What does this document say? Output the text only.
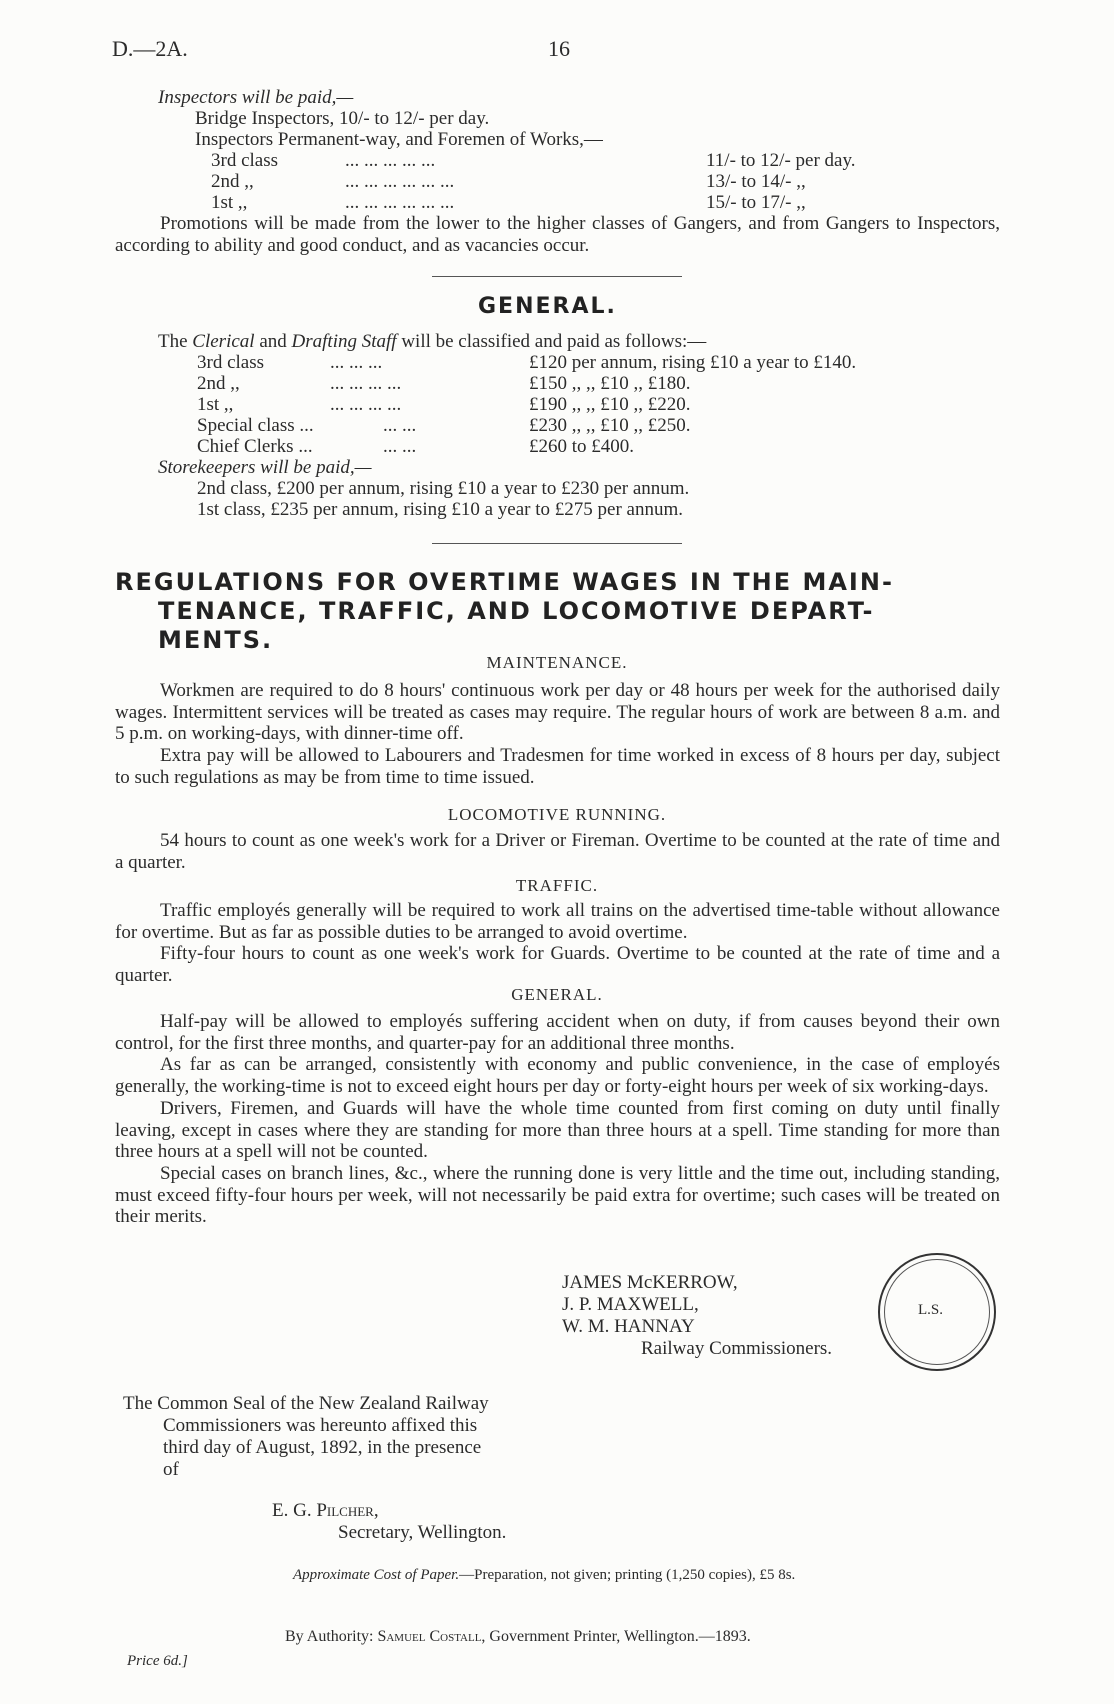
D.—2A.	16
Inspectors will be paid,—
Bridge Inspectors, 10/- to 12/- per day.
Inspectors Permanent-way, and Foremen of Works,—
3rd class	... ... ... ... ...	11/- to 12/- per day.
2nd ,,	... ... ... ... ... ...	13/- to 14/- ,,
1st ,,	... ... ... ... ... ...	15/- to 17/- ,,

Promotions will be made from the lower to the higher classes of Gangers, and from Gangers to Inspectors, according to ability and good conduct, and as vacancies occur.

GENERAL.
The Clerical and Drafting Staff will be classified and paid as follows:—
3rd class	... ... ...	£120 per annum, rising £10 a year to £140.
2nd ,,	... ... ... ...	£150 ,, ,, £10 ,, £180.
1st ,,	... ... ... ...	£190 ,, ,, £10 ,, £220.
Special class ...	... ...	£230 ,, ,, £10 ,, £250.
Chief Clerks ...	... ...	£260 to £400.
Storekeepers will be paid,—
2nd class, £200 per annum, rising £10 a year to £230 per annum.
1st class, £235 per annum, rising £10 a year to £275 per annum.
REGULATIONS FOR OVERTIME WAGES IN THE MAIN-
TENANCE, TRAFFIC, AND LOCOMOTIVE DEPART-
MENTS.
MAINTENANCE.

Workmen are required to do 8 hours' continuous work per day or 48 hours per week for the authorised daily wages. Intermittent services will be treated as cases may require. The regular hours of work are between 8 a.m. and 5 p.m. on working-days, with dinner-time off.

Extra pay will be allowed to Labourers and Tradesmen for time worked in excess of 8 hours per day, subject to such regulations as may be from time to time issued.

LOCOMOTIVE RUNNING.

54 hours to count as one week's work for a Driver or Fireman. Overtime to be counted at the rate of time and a quarter.

TRAFFIC.

Traffic employés generally will be required to work all trains on the advertised time-table without allowance for overtime. But as far as possible duties to be arranged to avoid overtime.

Fifty-four hours to count as one week's work for Guards. Overtime to be counted at the rate of time and a quarter.

GENERAL.

Half-pay will be allowed to employés suffering accident when on duty, if from causes beyond their own control, for the first three months, and quarter-pay for an additional three months.

As far as can be arranged, consistently with economy and public convenience, in the case of employés generally, the working-time is not to exceed eight hours per day or forty-eight hours per week of six working-days.

Drivers, Firemen, and Guards will have the whole time counted from first coming on duty until finally leaving, except in cases where they are standing for more than three hours at a spell. Time standing for more than three hours at a spell will not be counted.

Special cases on branch lines, &c., where the running done is very little and the time out, including standing, must exceed fifty-four hours per week, will not necessarily be paid extra for overtime; such cases will be treated on their merits.

JAMES McKERROW,
J. P. MAXWELL,
W. M. HANNAY
Railway Commissioners.
L.S.
The Common Seal of the New Zealand Railway
Commissioners was hereunto affixed this
third day of August, 1892, in the presence
of
E. G. Pilcher,
Secretary, Wellington.
Approximate Cost of Paper.—Preparation, not given; printing (1,250 copies), £5 8s.
By Authority: Samuel Costall, Government Printer, Wellington.—1893.
Price 6d.]
